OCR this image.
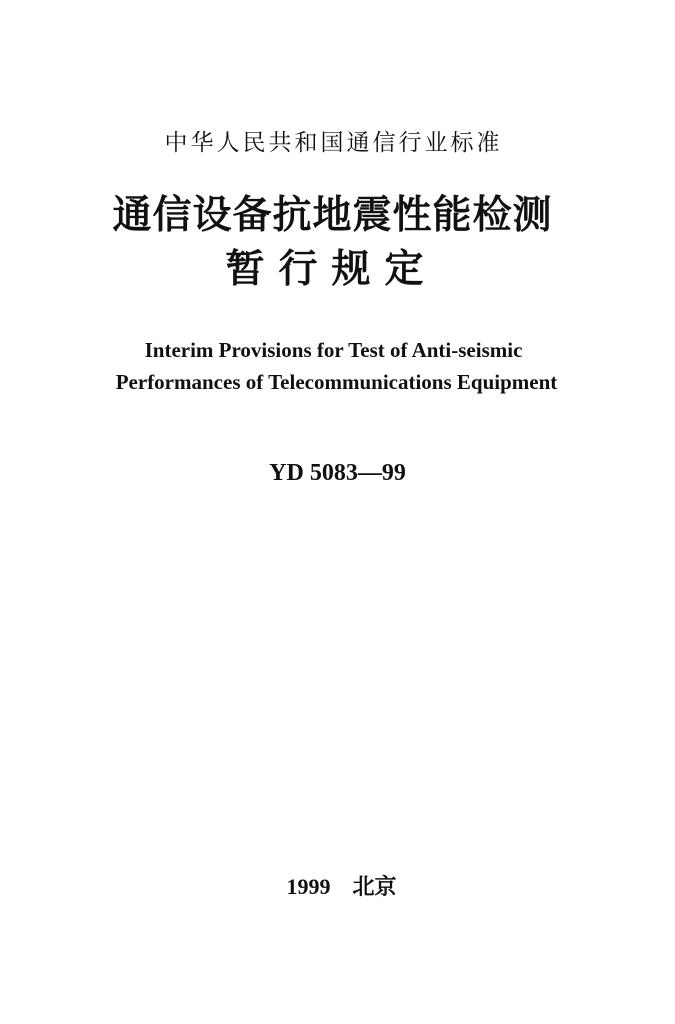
中华人民共和国通信行业标准
通信设备抗地震性能检测
暂行规定
Interim Provisions for Test of Anti-seismic
Performances of Telecommunications Equipment
YD 5083—99
1999 北京
